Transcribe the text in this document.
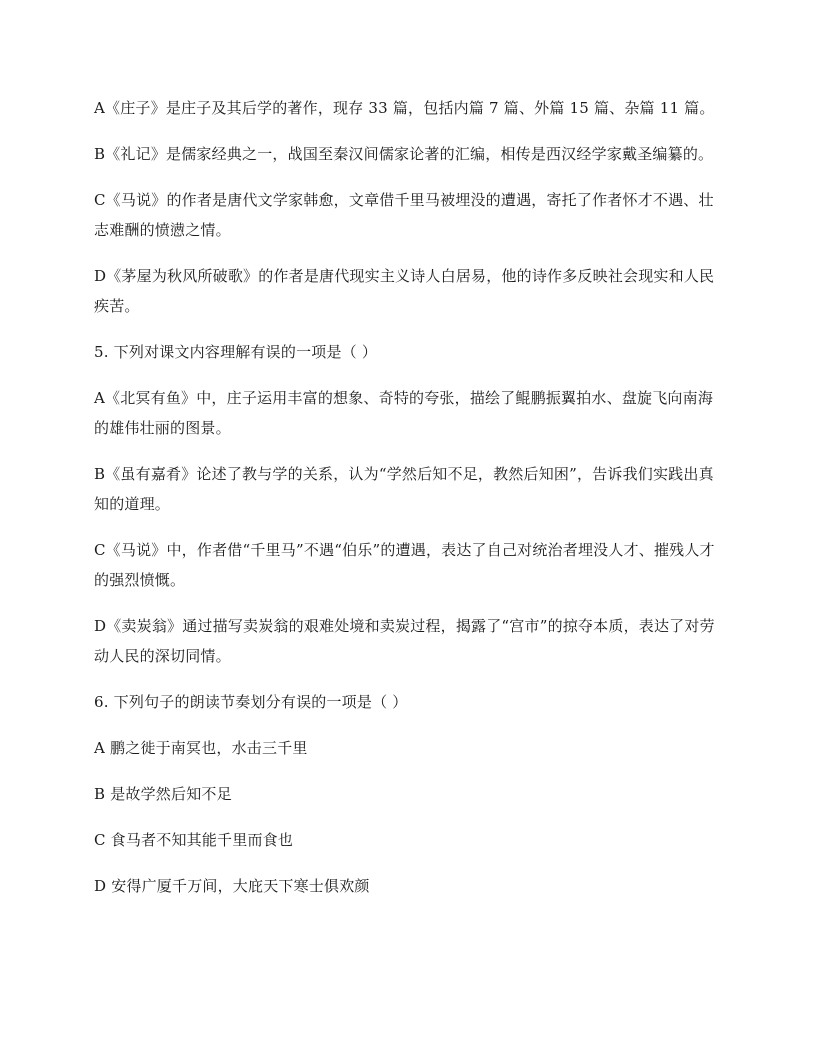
A《庄子》是庄子及其后学的著作，现存 33 篇，包括内篇 7 篇、外篇 15 篇、杂篇 11 篇。

B《礼记》是儒家经典之一，战国至秦汉间儒家论著的汇编，相传是西汉经学家戴圣编纂的。

C《马说》的作者是唐代文学家韩愈，文章借千里马被埋没的遭遇，寄托了作者怀才不遇、壮志难酬的愤懑之情。

D《茅屋为秋风所破歌》的作者是唐代现实主义诗人白居易，他的诗作多反映社会现实和人民疾苦。

5. 下列对课文内容理解有误的一项是（ ）

A《北冥有鱼》中，庄子运用丰富的想象、奇特的夸张，描绘了鲲鹏振翼拍水、盘旋飞向南海的雄伟壮丽的图景。

B《虽有嘉肴》论述了教与学的关系，认为“学然后知不足，教然后知困”，告诉我们实践出真知的道理。

C《马说》中，作者借“千里马”不遇“伯乐”的遭遇，表达了自己对统治者埋没人才、摧残人才的强烈愤慨。

D《卖炭翁》通过描写卖炭翁的艰难处境和卖炭过程，揭露了“宫市”的掠夺本质，表达了对劳动人民的深切同情。

6. 下列句子的朗读节奏划分有误的一项是（ ）

A 鹏之徙于南冥也，水击三千里

B 是故学然后知不足

C 食马者不知其能千里而食也

D 安得广厦千万间，大庇天下寒士俱欢颜
